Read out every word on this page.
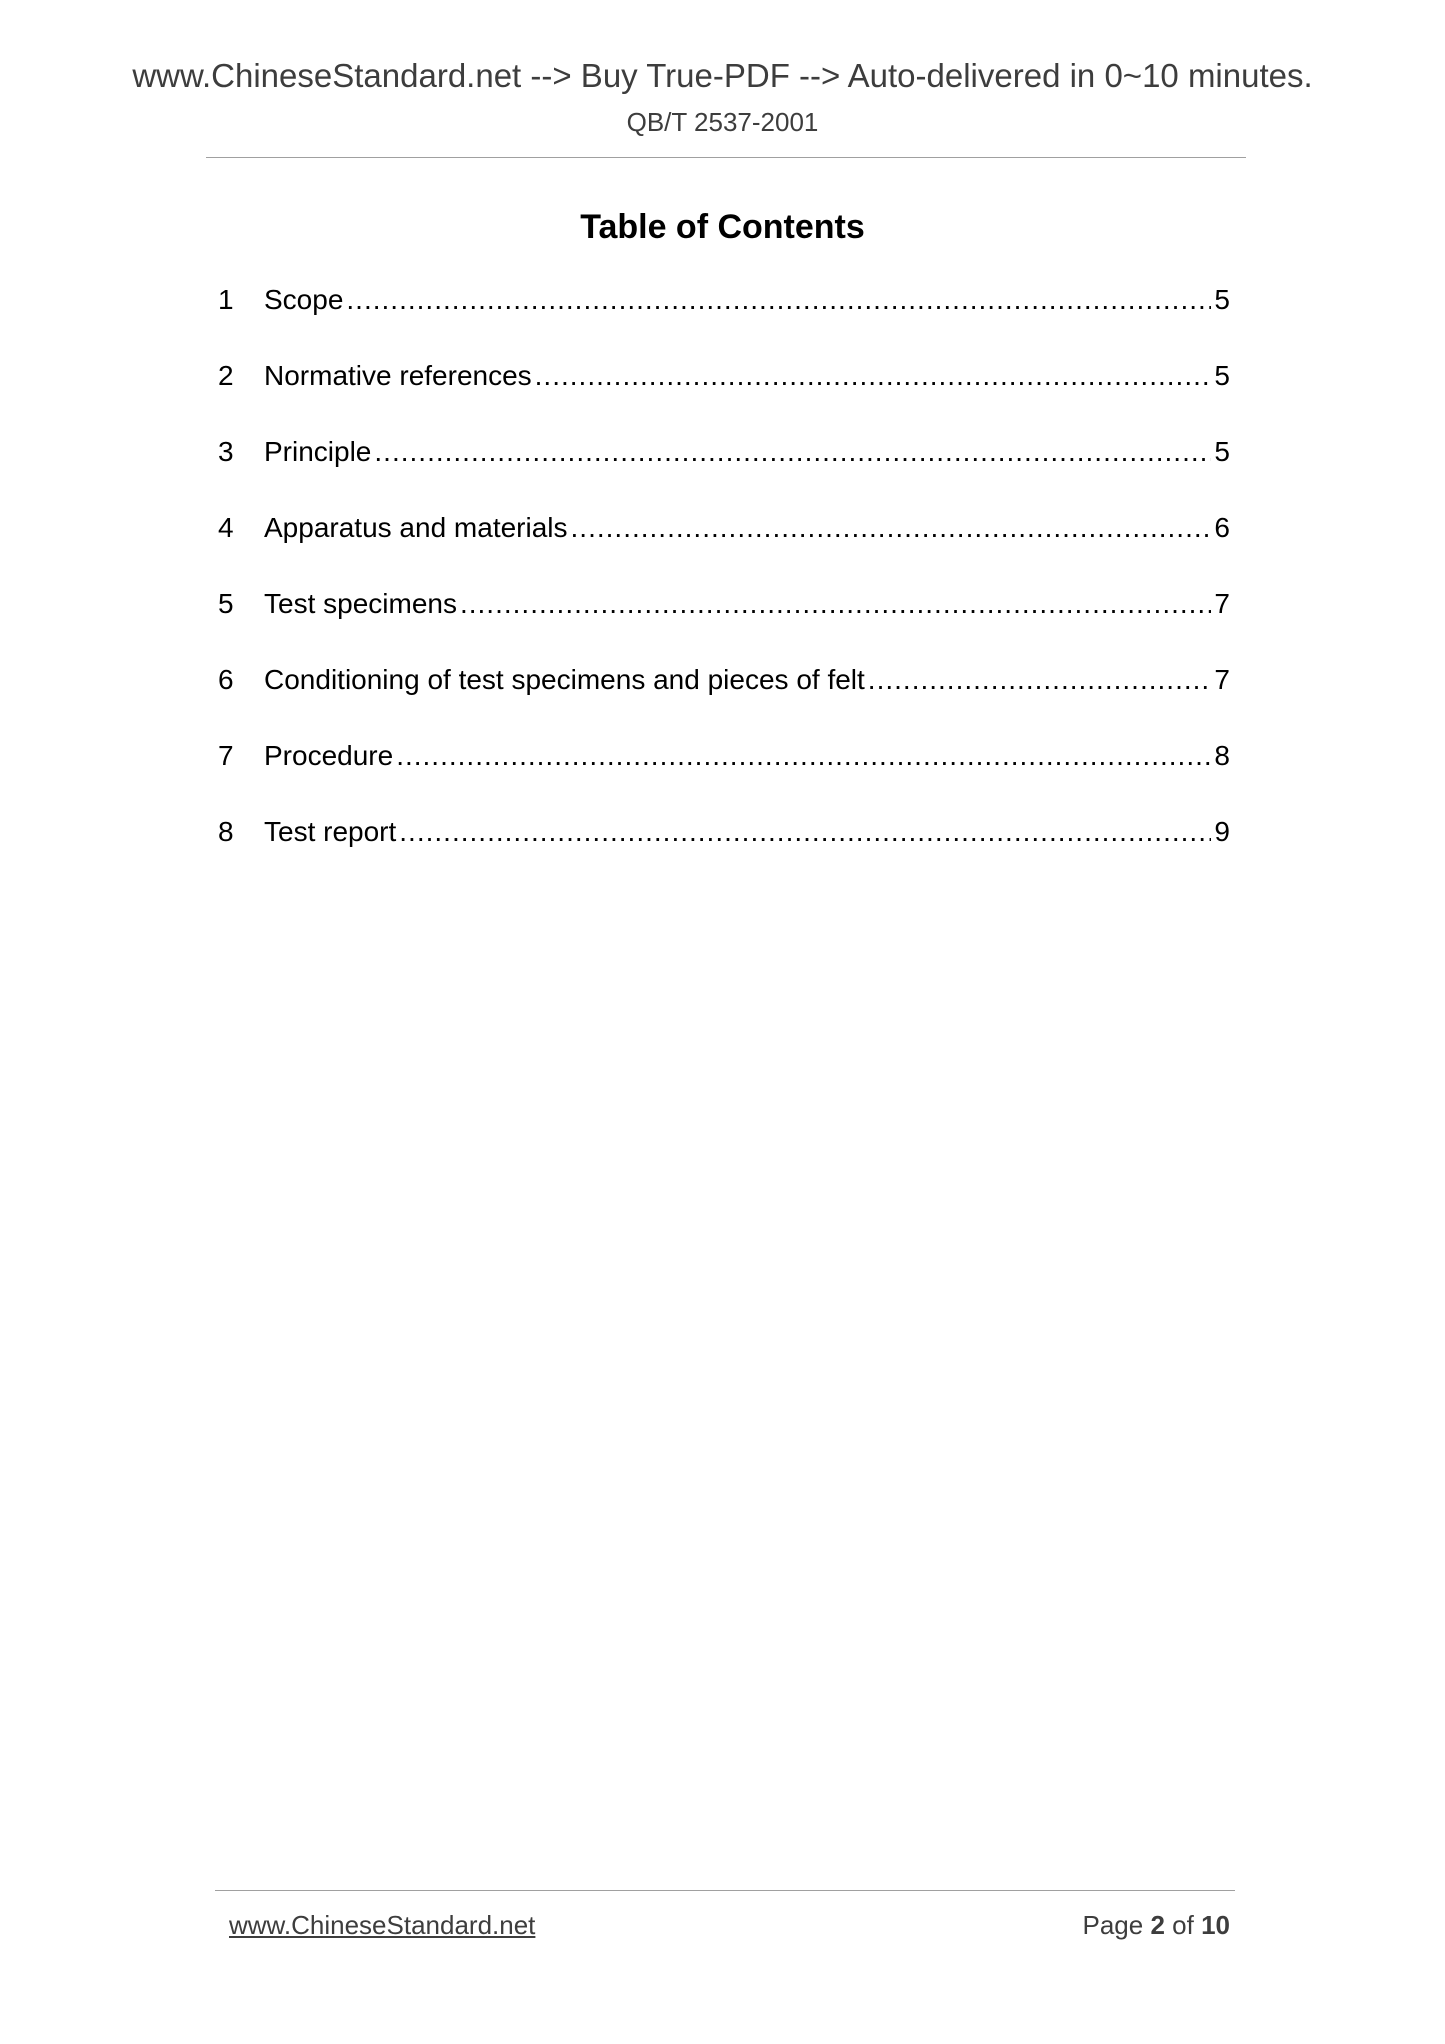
www.ChineseStandard.net --> Buy True-PDF --> Auto-delivered in 0~10 minutes.
QB/T 2537-2001
Table of Contents
1	Scope .....	5
2	Normative references .....	5
3	Principle .....	5
4	Apparatus and materials .....	6
5	Test specimens .....	7
6	Conditioning of test specimens and pieces of felt .....	7
7	Procedure .....	8
8	Test report .....	9
www.ChineseStandard.net	Page 2 of 10
